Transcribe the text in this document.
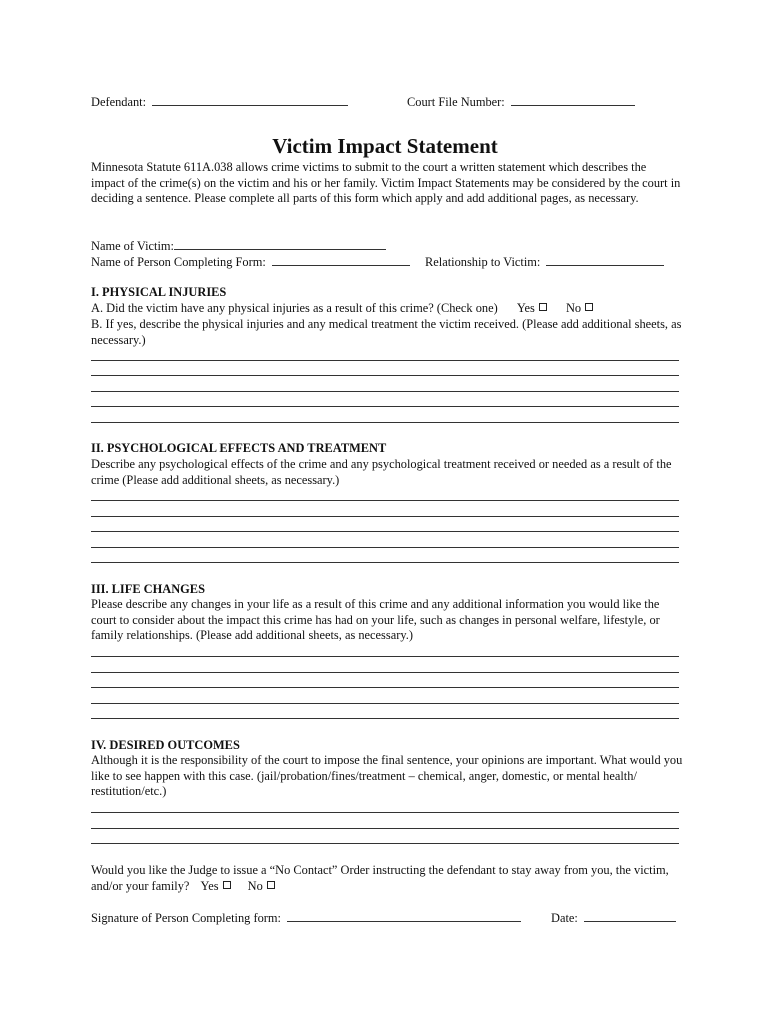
Defendant:	Court File Number:
Victim Impact Statement
Minnesota Statute 611A.038 allows crime victims to submit to the court a written statement which describes the impact of the crime(s) on the victim and his or her family. Victim Impact Statements may be considered by the court in deciding a sentence. Please complete all parts of this form which apply and add additional pages, as necessary.
Name of Victim:
Name of Person Completing Form:	Relationship to Victim:
I. PHYSICAL INJURIES
A. Did the victim have any physical injuries as a result of this crime? (Check one) Yes	No
B. If yes, describe the physical injuries and any medical treatment the victim received. (Please add additional sheets, as necessary.)
II. PSYCHOLOGICAL EFFECTS AND TREATMENT
Describe any psychological effects of the crime and any psychological treatment received or needed as a result of the crime (Please add additional sheets, as necessary.)
III. LIFE CHANGES
Please describe any changes in your life as a result of this crime and any additional information you would like the court to consider about the impact this crime has had on your life, such as changes in personal welfare, lifestyle, or family relationships. (Please add additional sheets, as necessary.)
IV. DESIRED OUTCOMES
Although it is the responsibility of the court to impose the final sentence, your opinions are important. What would you like to see happen with this case. (jail/probation/fines/treatment – chemical, anger, domestic, or mental health/ restitution/etc.)
Would you like the Judge to issue a “No Contact” Order instructing the defendant to stay away from you, the victim, and/or your family? Yes No
Signature of Person Completing form:	Date:
